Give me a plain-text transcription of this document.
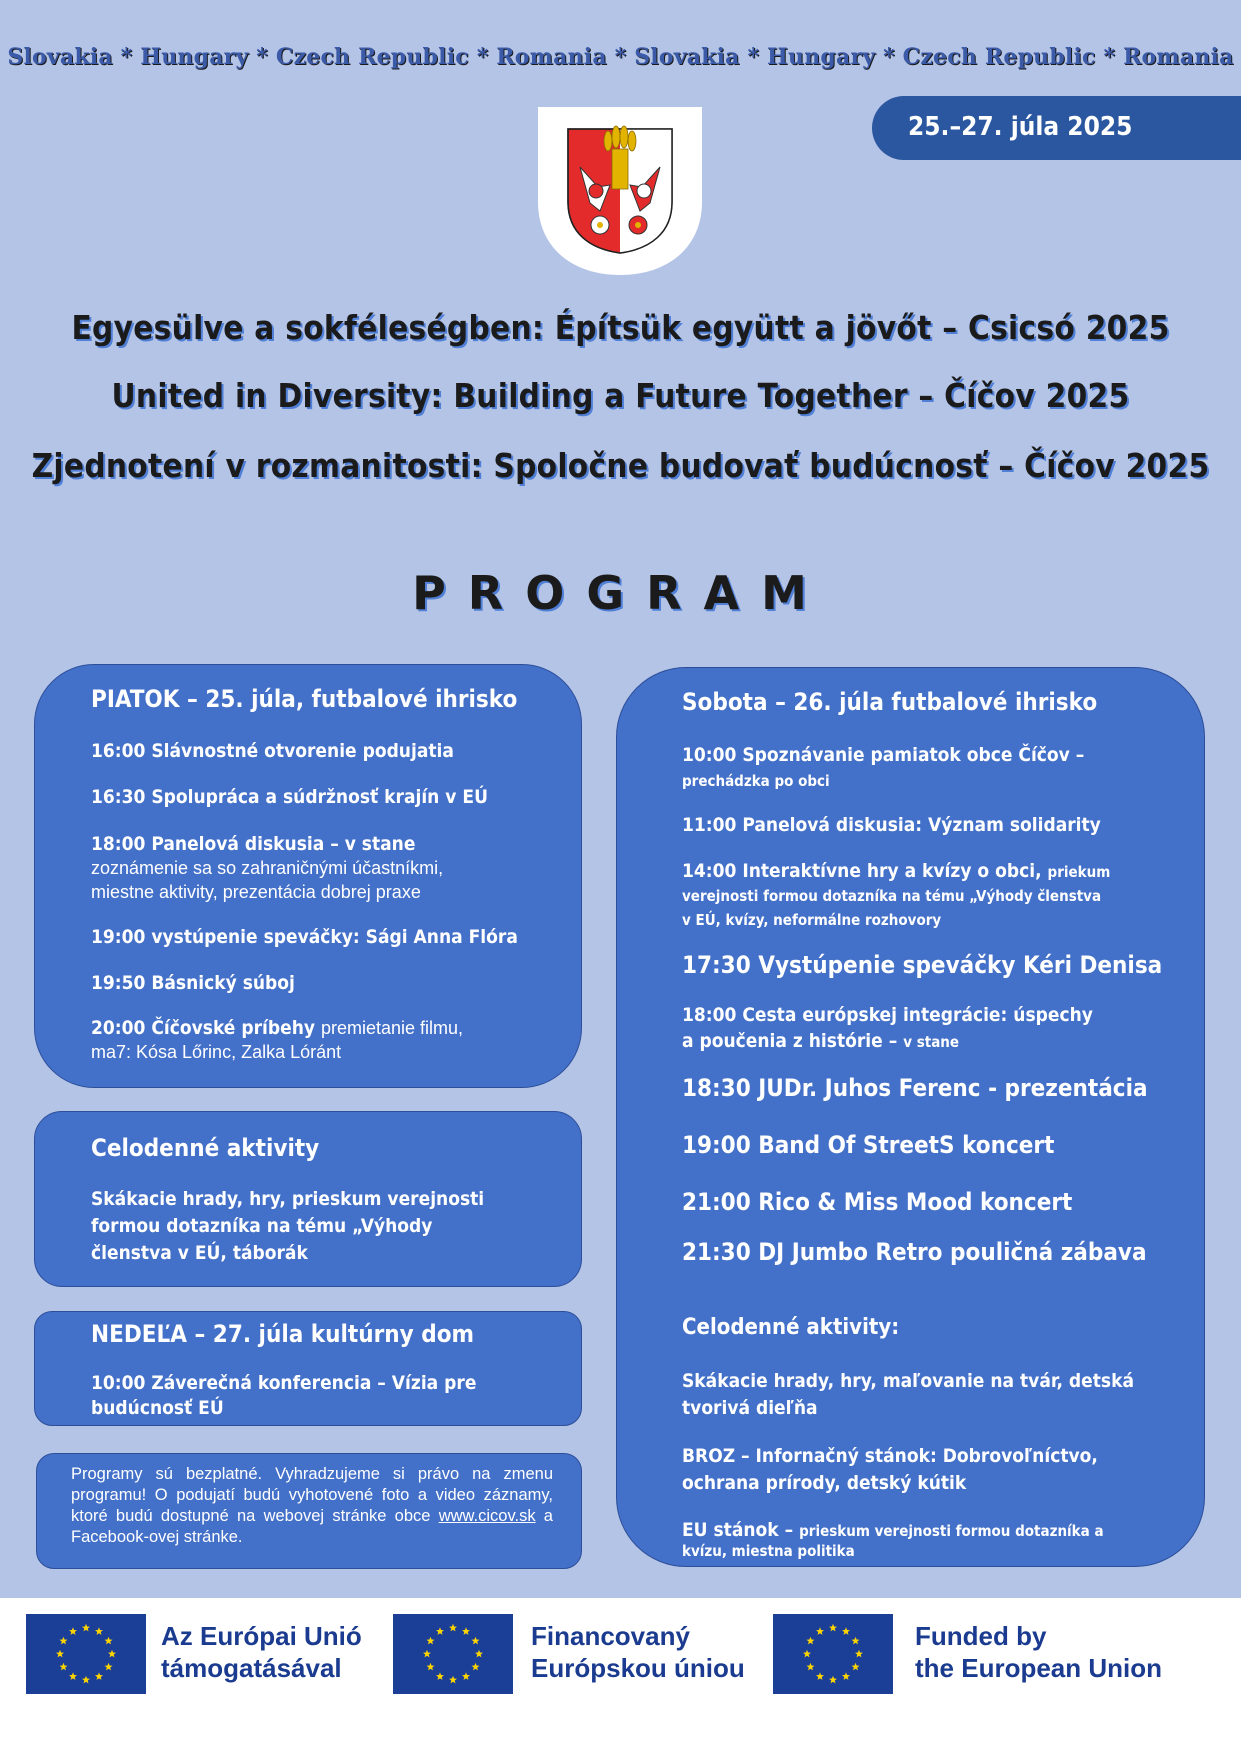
Slovakia * Hungary * Czech Republic * Romania * Slovakia * Hungary * Czech Republic * Romania
25.–27. júla 2025
Egyesülve a sokféleségben: Építsük együtt a jövőt – Csicsó 2025
United in Diversity: Building a Future Together – Číčov 2025
Zjednotení v rozmanitosti: Spoločne budovať budúcnosť – Číčov 2025
PROGRAM
PIATOK – 25. júla, futbalové ihrisko
16:00 Slávnostné otvorenie podujatia
16:30 Spolupráca a súdržnosť krajín v EÚ
18:00 Panelová diskusia – v stane
zoznámenie sa so zahraničnými účastníkmi,
miestne aktivity, prezentácia dobrej praxe
19:00 vystúpenie speváčky: Sági Anna Flóra
19:50 Básnický súboj
20:00 Číčovské príbehy premietanie filmu,
ma7: Kósa Lőrinc, Zalka Lóránt
Celodenné aktivity
Skákacie hrady, hry, prieskum verejnosti
formou dotazníka na tému „Výhody
členstva v EÚ, táborák
NEDEĽA – 27. júla kultúrny dom
10:00 Záverečná konferencia – Vízia pre
budúcnosť EÚ
Programy sú bezplatné. Vyhradzujeme si právo na zmenu programu! O podujatí budú vyhotovené foto a video záznamy, ktoré budú dostupné na webovej stránke obce www.cicov.sk a Facebook-ovej stránke.
Sobota – 26. júla futbalové ihrisko
10:00 Spoznávanie pamiatok obce Číčov –
prechádzka po obci
11:00 Panelová diskusia: Význam solidarity
14:00 Interaktívne hry a kvízy o obci, priekum
verejnosti formou dotazníka na tému „Výhody členstva
v EÚ, kvízy, neformálne rozhovory
17:30 Vystúpenie speváčky Kéri Denisa
18:00 Cesta európskej integrácie: úspechy
a poučenia z histórie – v stane
18:30 JUDr. Juhos Ferenc - prezentácia
19:00 Band Of StreetS koncert
21:00 Rico & Miss Mood koncert
21:30 DJ Jumbo Retro pouličná zábava
Celodenné aktivity:
Skákacie hrady, hry, maľovanie na tvár, detská
tvorivá dieľňa
BROZ – Infornačný stánok: Dobrovoľníctvo,
ochrana prírody, detský kútik
EU stánok – prieskum verejnosti formou dotazníka a
kvízu, miestna politika
Az Európai Unió
támogatásával
Financovaný
Európskou úniou
Funded by
the European Union
